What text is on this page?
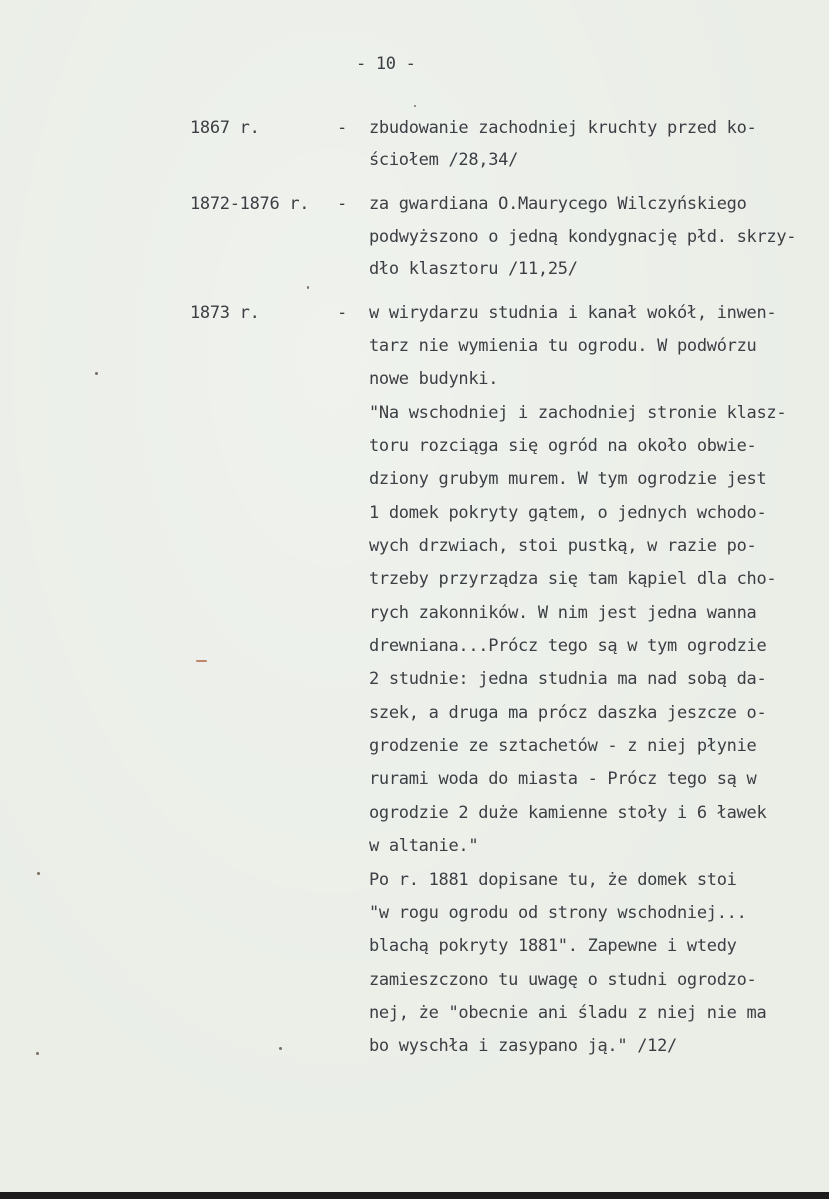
- 10 -
1867 r.	- zbudowanie zachodniej kruchty przed ko-
ściołem /28,34/
1872-1876 r. - za gwardiana O.Maurycego Wilczyńskiego
podwyższono o jedną kondygnację płd. skrzy-
dło klasztoru /11,25/
1873 r.	- w wirydarzu studnia i kanał wokół, inwen-
tarz nie wymienia tu ogrodu. W podwórzu
nowe budynki.
"Na wschodniej i zachodniej stronie klasz-
toru rozciąga się ogród na około obwie-
dziony grubym murem. W tym ogrodzie jest
1 domek pokryty gątem, o jednych wchodo-
wych drzwiach, stoi pustką, w razie po-
trzeby przyrządza się tam kąpiel dla cho-
rych zakonników. W nim jest jedna wanna
drewniana...Prócz tego są w tym ogrodzie
2 studnie: jedna studnia ma nad sobą da-
szek, a druga ma prócz daszka jeszcze o-
grodzenie ze sztachetów - z niej płynie
rurami woda do miasta - Prócz tego są w
ogrodzie 2 duże kamienne stoły i 6 ławek
w altanie."
Po r. 1881 dopisane tu, że domek stoi
"w rogu ogrodu od strony wschodniej...
blachą pokryty 1881". Zapewne i wtedy
zamieszczono tu uwagę o studni ogrodzo-
nej, że "obecnie ani śladu z niej nie ma
bo wyschła i zasypano ją." /12/
